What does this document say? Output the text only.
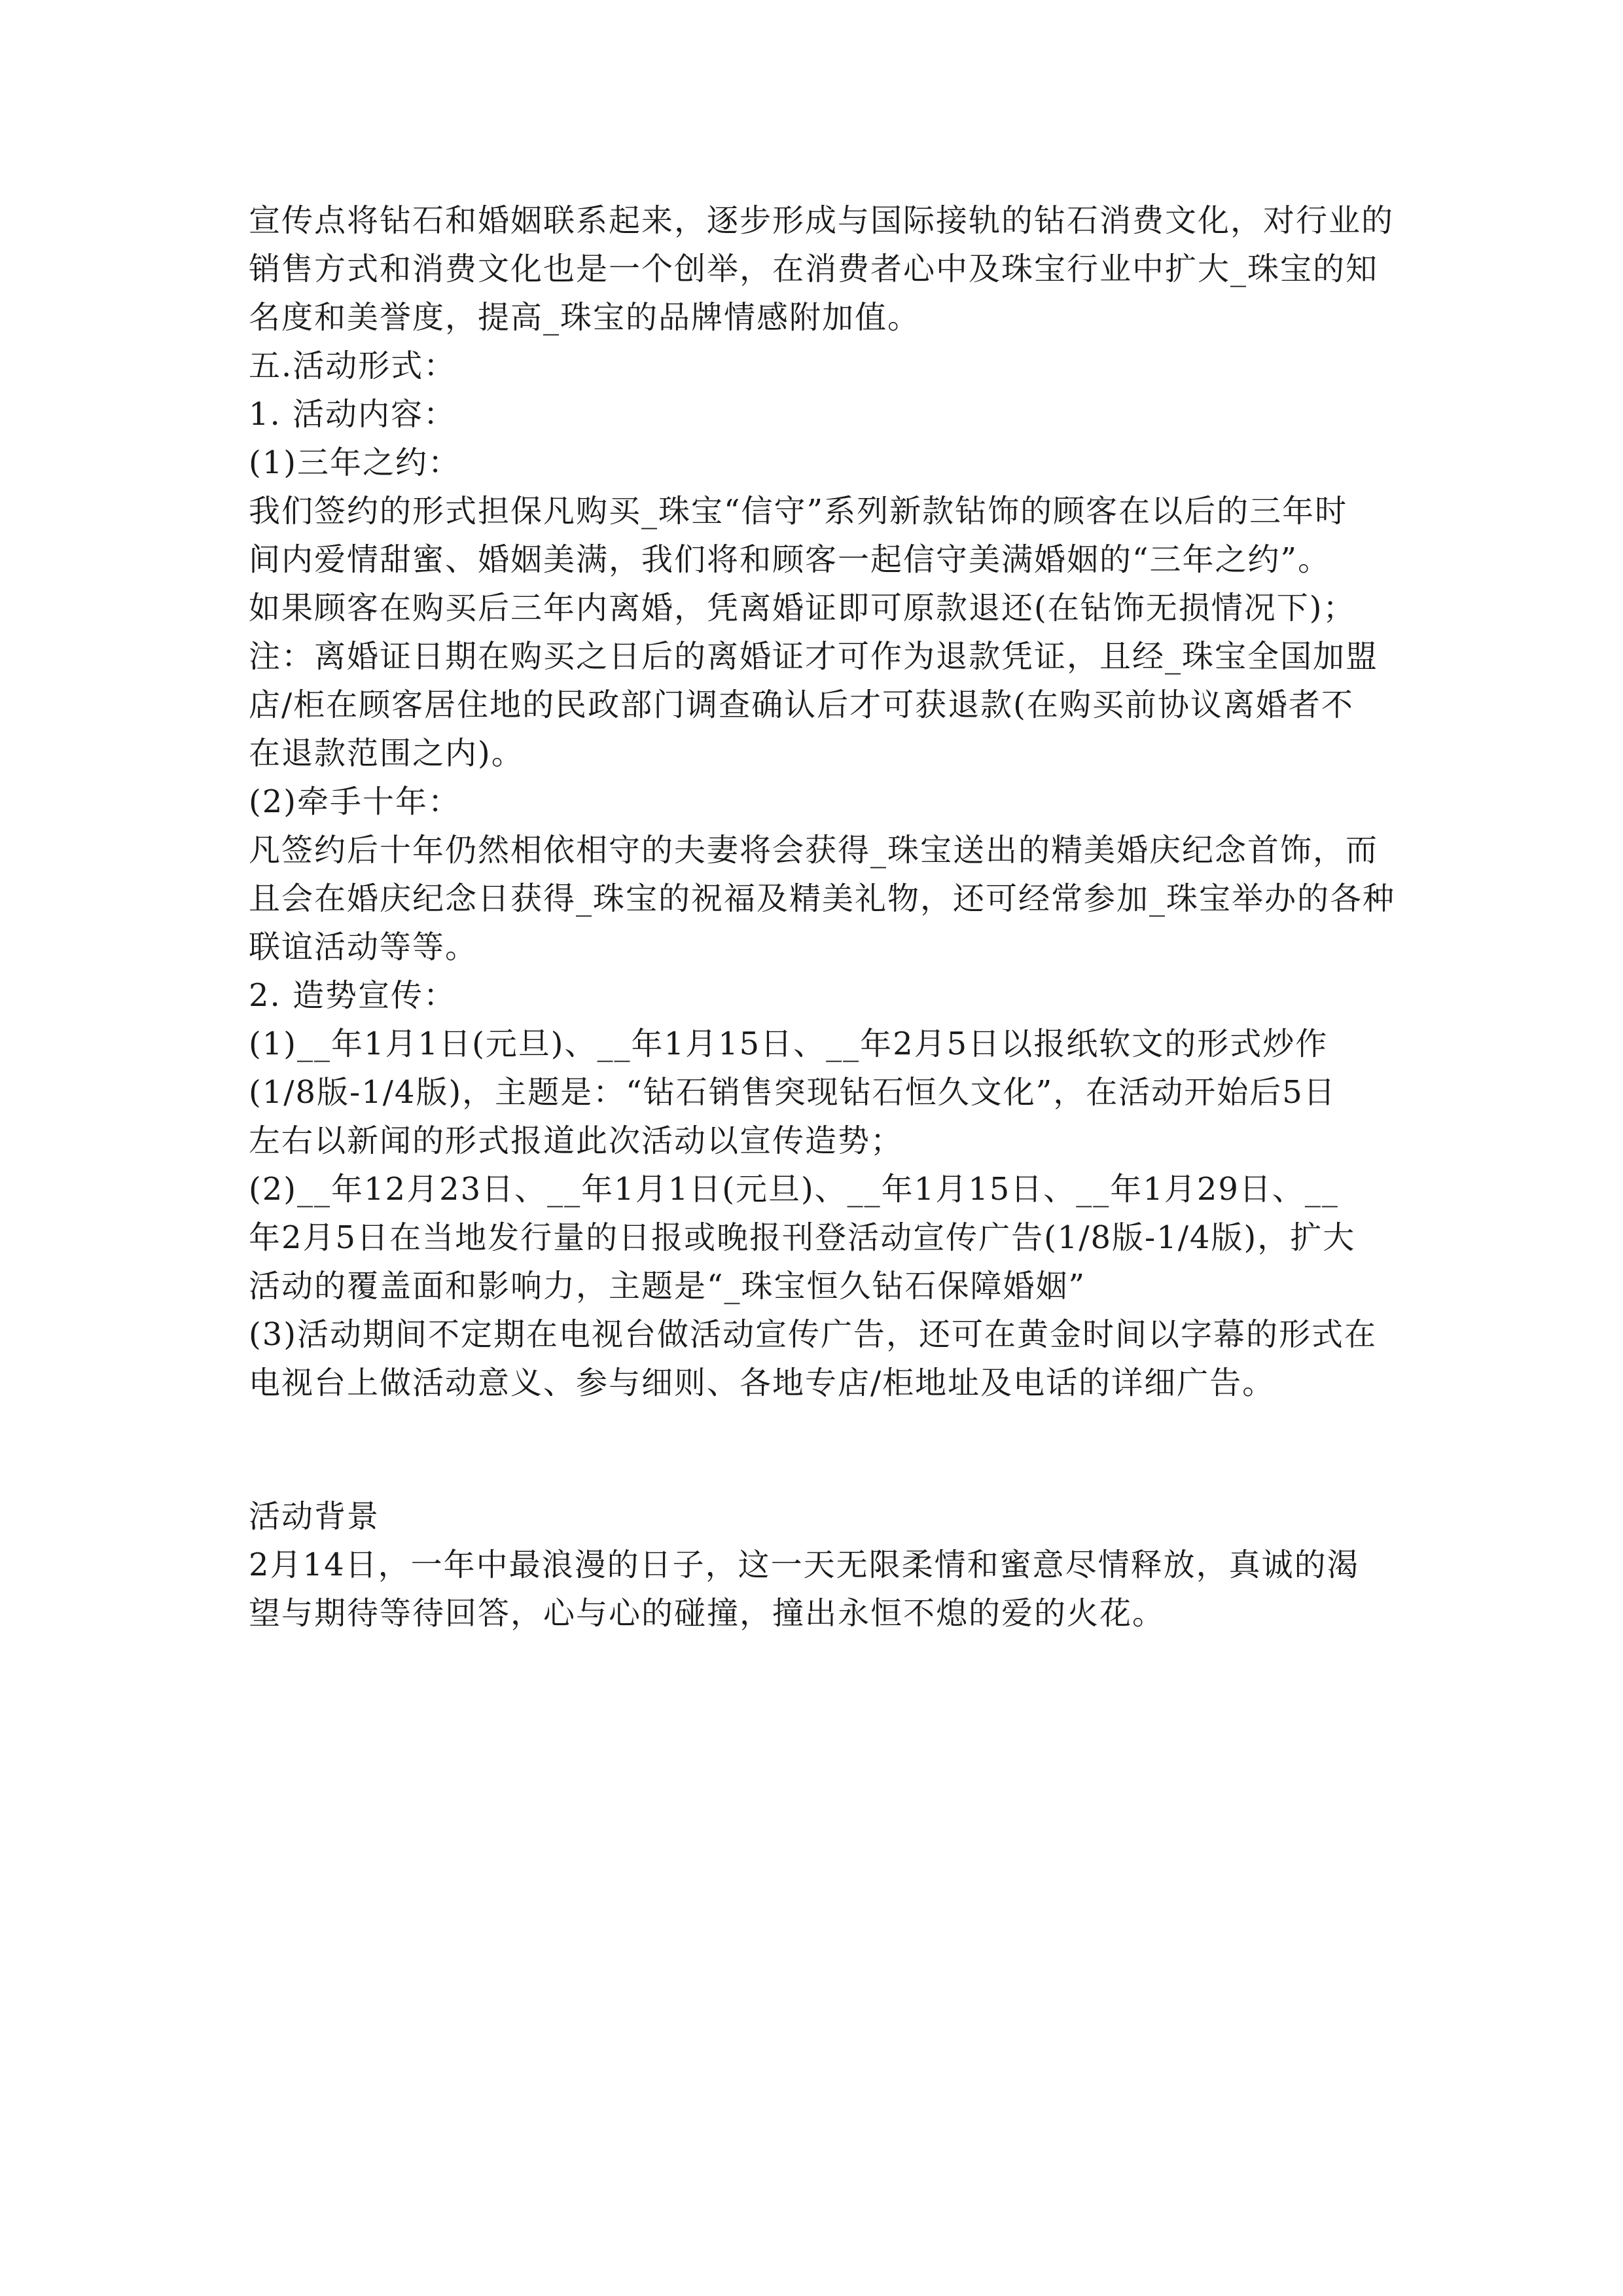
宣传点将钻石和婚姻联系起来，逐步形成与国际接轨的钻石消费文化，对行业的
销售方式和消费文化也是一个创举，在消费者心中及珠宝行业中扩大_珠宝的知
名度和美誉度，提高_珠宝的品牌情感附加值。
五.活动形式：
1. 活动内容：
(1)三年之约：
我们签约的形式担保凡购买_珠宝“信守”系列新款钻饰的顾客在以后的三年时
间内爱情甜蜜、婚姻美满，我们将和顾客一起信守美满婚姻的“三年之约”。
如果顾客在购买后三年内离婚，凭离婚证即可原款退还(在钻饰无损情况下)；
注：离婚证日期在购买之日后的离婚证才可作为退款凭证，且经_珠宝全国加盟
店/柜在顾客居住地的民政部门调查确认后才可获退款(在购买前协议离婚者不
在退款范围之内)。
(2)牵手十年：
凡签约后十年仍然相依相守的夫妻将会获得_珠宝送出的精美婚庆纪念首饰，而
且会在婚庆纪念日获得_珠宝的祝福及精美礼物，还可经常参加_珠宝举办的各种
联谊活动等等。
2. 造势宣传：
(1)__年1月1日(元旦)、__年1月15日、__年2月5日以报纸软文的形式炒作
(1/8版-1/4版)，主题是：“钻石销售突现钻石恒久文化”，在活动开始后5日
左右以新闻的形式报道此次活动以宣传造势；
(2)__年12月23日、__年1月1日(元旦)、__年1月15日、__年1月29日、__
年2月5日在当地发行量的日报或晚报刊登活动宣传广告(1/8版-1/4版)，扩大
活动的覆盖面和影响力，主题是“_珠宝恒久钻石保障婚姻”
(3)活动期间不定期在电视台做活动宣传广告，还可在黄金时间以字幕的形式在
电视台上做活动意义、参与细则、各地专店/柜地址及电话的详细广告。
活动背景
2月14日，一年中最浪漫的日子，这一天无限柔情和蜜意尽情释放，真诚的渴
望与期待等待回答，心与心的碰撞，撞出永恒不熄的爱的火花。
